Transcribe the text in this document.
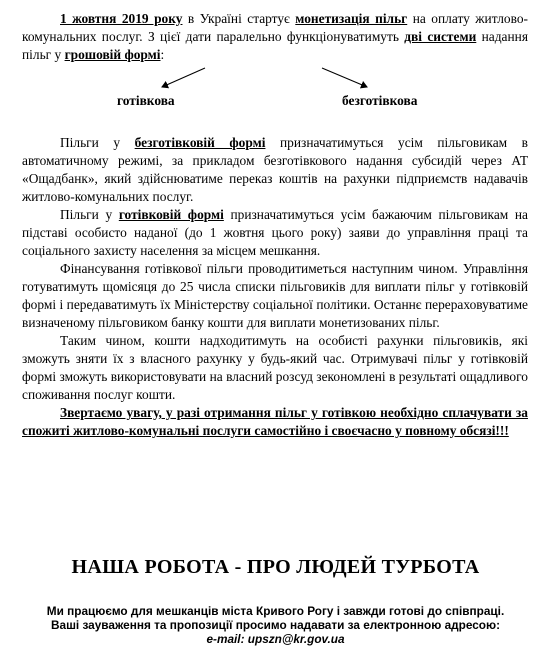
1 жовтня 2019 року в Україні стартує монетизація пільг на оплату житлово-комунальних послуг. З цієї дати паралельно функціонуватимуть дві системи надання пільг у грошовій формі:

готівкова	безготівкова

Пільги у безготівковій формі призначатимуться усім пільговикам в автоматичному режимі, за прикладом безготівкового надання субсидій через АТ «Ощадбанк», який здійснюватиме переказ коштів на рахунки підприємств надавачів житлово-комунальних послуг.

Пільги у готівковій формі призначатимуться усім бажаючим пільговикам на підставі особисто наданої (до 1 жовтня цього року) заяви до управління праці та соціального захисту населення за місцем мешкання.

Фінансування готівкової пільги проводитиметься наступним чином. Управління готуватимуть щомісяця до 25 числа списки пільговиків для виплати пільг у готівковій формі і передаватимуть їх Міністерству соціальної політики. Останнє перераховуватиме визначеному пільговиком банку кошти для виплати монетизованих пільг.

Таким чином, кошти надходитимуть на особисті рахунки пільговиків, які зможуть зняти їх з власного рахунку у будь-який час. Отримувачі пільг у готівковій формі зможуть використовувати на власний розсуд зекономлені в результаті ощадливого споживання послуг кошти.

Звертаємо увагу, у разі отримання пільг у готівкою необхідно сплачувати за спожиті житлово-комунальні послуги самостійно і своєчасно у повному обсязі!!!

НАША РОБОТА - ПРО ЛЮДЕЙ ТУРБОТА
Ми працюємо для мешканців міста Кривого Рогу і завжди готові до співпраці.
Ваші зауваження та пропозиції просимо надавати за електронною адресою:
e-mail: upszn@kr.gov.ua
